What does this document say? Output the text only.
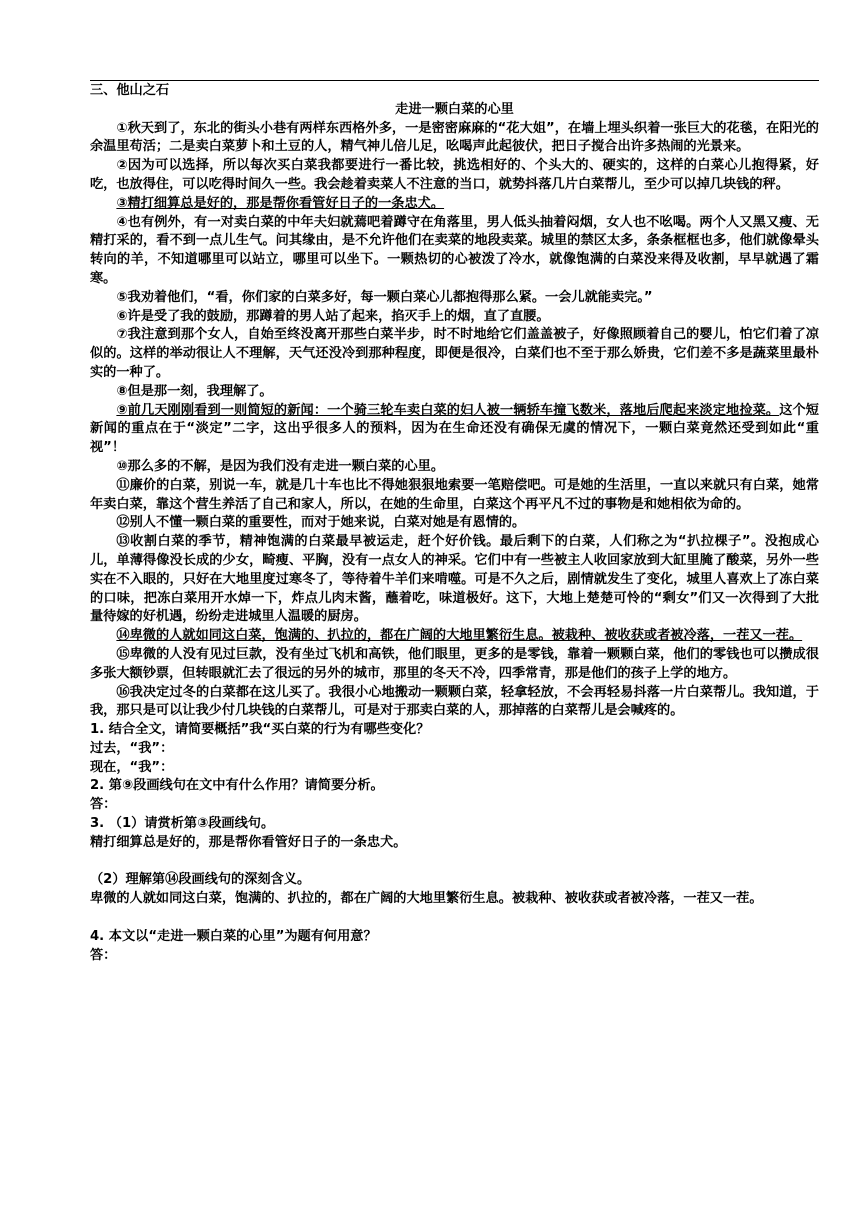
三、他山之石

走进一颗白菜的心里

①秋天到了，东北的街头小巷有两样东西格外多，一是密密麻麻的“花大姐”，在墙上埋头织着一张巨大的花毯，在阳光的余温里苟活；二是卖白菜萝卜和土豆的人，精气神儿倍儿足，吆喝声此起彼伏，把日子搅合出许多热闹的光景来。

②因为可以选择，所以每次买白菜我都要进行一番比较，挑选相好的、个头大的、硬实的，这样的白菜心儿抱得紧，好吃，也放得住，可以吃得时间久一些。我会趁着卖菜人不注意的当口，就势抖落几片白菜帮儿，至少可以掉几块钱的秤。

③精打细算总是好的，那是帮你看管好日子的一条忠犬。

④也有例外，有一对卖白菜的中年夫妇就蔫吧着蹲守在角落里，男人低头抽着闷烟，女人也不吆喝。两个人又黑又瘦、无精打采的，看不到一点儿生气。问其缘由，是不允许他们在卖菜的地段卖菜。城里的禁区太多，条条框框也多，他们就像晕头转向的羊，不知道哪里可以站立，哪里可以坐下。一颗热切的心被泼了冷水，就像饱满的白菜没来得及收割，早早就遇了霜寒。

⑤我劝着他们，“看，你们家的白菜多好，每一颗白菜心儿都抱得那么紧。一会儿就能卖完。”

⑥许是受了我的鼓励，那蹲着的男人站了起来，掐灭手上的烟，直了直腰。

⑦我注意到那个女人，自始至终没离开那些白菜半步，时不时地给它们盖盖被子，好像照顾着自己的婴儿，怕它们着了凉似的。这样的举动很让人不理解，天气还没冷到那种程度，即便是很冷，白菜们也不至于那么娇贵，它们差不多是蔬菜里最朴实的一种了。

⑧但是那一刻，我理解了。

⑨前几天刚刚看到一则简短的新闻：一个骑三轮车卖白菜的妇人被一辆轿车撞飞数米，落地后爬起来淡定地捡菜。这个短新闻的重点在于“淡定”二字，这出乎很多人的预料，因为在生命还没有确保无虞的情况下，一颗白菜竟然还受到如此“重视”！

⑩那么多的不解，是因为我们没有走进一颗白菜的心里。

⑪廉价的白菜，别说一车，就是几十车也比不得她狠狠地索要一笔赔偿吧。可是她的生活里，一直以来就只有白菜，她常年卖白菜，靠这个营生养活了自己和家人，所以，在她的生命里，白菜这个再平凡不过的事物是和她相依为命的。

⑫别人不懂一颗白菜的重要性，而对于她来说，白菜对她是有恩情的。

⑬收割白菜的季节，精神饱满的白菜最早被运走，赶个好价钱。最后剩下的白菜，人们称之为“扒拉棵子”。没抱成心儿，单薄得像没长成的少女，畸瘦、平胸，没有一点女人的神采。它们中有一些被主人收回家放到大缸里腌了酸菜，另外一些实在不入眼的，只好在大地里度过寒冬了，等待着牛羊们来啃噬。可是不久之后，剧情就发生了变化，城里人喜欢上了冻白菜的口味，把冻白菜用开水焯一下，炸点儿肉末酱，蘸着吃，味道极好。这下，大地上楚楚可怜的“剩女”们又一次得到了大批量待嫁的好机遇，纷纷走进城里人温暖的厨房。

⑭卑微的人就如同这白菜，饱满的、扒拉的，都在广阔的大地里繁衍生息。被栽种、被收获或者被冷落，一茬又一茬。

⑮卑微的人没有见过巨款，没有坐过飞机和高铁，他们眼里，更多的是零钱，靠着一颗颗白菜，他们的零钱也可以攒成很多张大额钞票，但转眼就汇去了很远的另外的城市，那里的冬天不冷，四季常青，那是他们的孩子上学的地方。

⑯我决定过冬的白菜都在这儿买了。我很小心地搬动一颗颗白菜，轻拿轻放，不会再轻易抖落一片白菜帮儿。我知道，于我，那只是可以让我少付几块钱的白菜帮儿，可是对于那卖白菜的人，那掉落的白菜帮儿是会喊疼的。

1. 结合全文，请简要概括”我“买白菜的行为有哪些变化？

过去，“我”：

现在，“我”：

2. 第⑨段画线句在文中有什么作用？请简要分析。

答：

3. （1）请赏析第③段画线句。

精打细算总是好的，那是帮你看管好日子的一条忠犬。

（2）理解第⑭段画线句的深刻含义。

卑微的人就如同这白菜，饱满的、扒拉的，都在广阔的大地里繁衍生息。被栽种、被收获或者被冷落，一茬又一茬。

4. 本文以“走进一颗白菜的心里”为题有何用意？

答：
